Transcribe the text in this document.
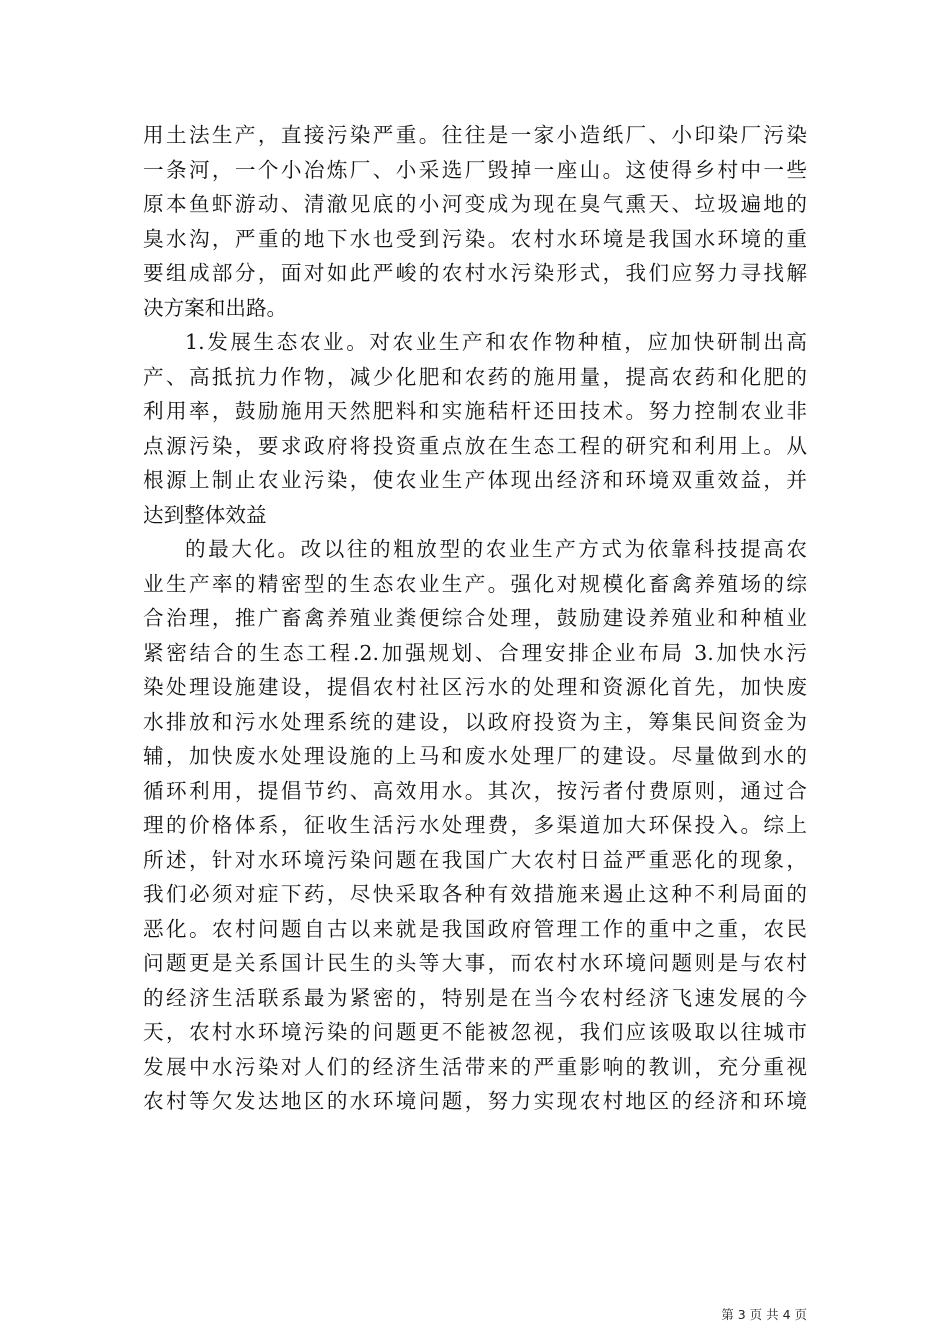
用土法生产，直接污染严重。往往是一家小造纸厂、小印染厂污染
一条河，一个小冶炼厂、小采选厂毁掉一座山。这使得乡村中一些
原本鱼虾游动、清澈见底的小河变成为现在臭气熏天、垃圾遍地的
臭水沟，严重的地下水也受到污染。农村水环境是我国水环境的重
要组成部分，面对如此严峻的农村水污染形式，我们应努力寻找解
决方案和出路。
1.发展生态农业。对农业生产和农作物种植，应加快研制出高
产、高抵抗力作物，减少化肥和农药的施用量，提高农药和化肥的
利用率，鼓励施用天然肥料和实施秸杆还田技术。努力控制农业非
点源污染，要求政府将投资重点放在生态工程的研究和利用上。从
根源上制止农业污染，使农业生产体现出经济和环境双重效益，并
达到整体效益
的最大化。改以往的粗放型的农业生产方式为依靠科技提高农
业生产率的精密型的生态农业生产。强化对规模化畜禽养殖场的综
合治理，推广畜禽养殖业粪便综合处理，鼓励建设养殖业和种植业
紧密结合的生态工程.2.加强规划、合理安排企业布局 3.加快水污
染处理设施建设，提倡农村社区污水的处理和资源化首先，加快废
水排放和污水处理系统的建设，以政府投资为主，筹集民间资金为
辅，加快废水处理设施的上马和废水处理厂的建设。尽量做到水的
循环利用，提倡节约、高效用水。其次，按污者付费原则，通过合
理的价格体系，征收生活污水处理费，多渠道加大环保投入。综上
所述，针对水环境污染问题在我国广大农村日益严重恶化的现象，
我们必须对症下药，尽快采取各种有效措施来遏止这种不利局面的
恶化。农村问题自古以来就是我国政府管理工作的重中之重，农民
问题更是关系国计民生的头等大事，而农村水环境问题则是与农村
的经济生活联系最为紧密的，特别是在当今农村经济飞速发展的今
天，农村水环境污染的问题更不能被忽视，我们应该吸取以往城市
发展中水污染对人们的经济生活带来的严重影响的教训，充分重视
农村等欠发达地区的水环境问题，努力实现农村地区的经济和环境
第 3 页 共 4 页
